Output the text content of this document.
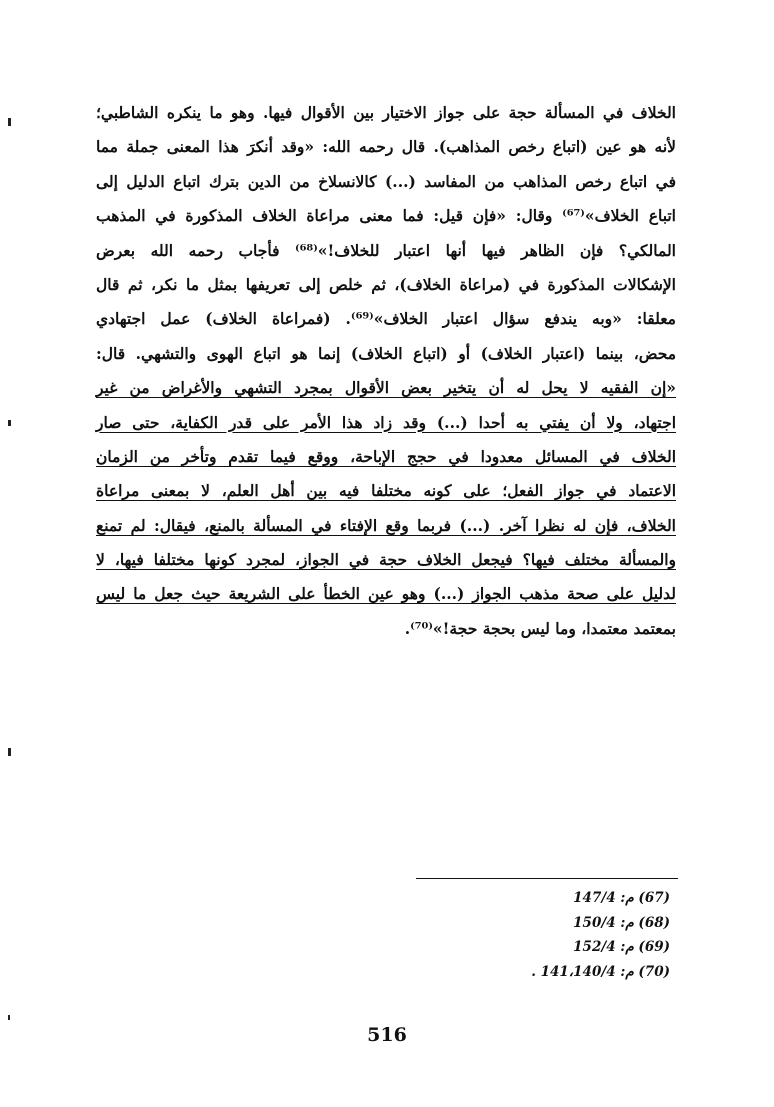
الخلاف في المسألة حجة على جواز الاختيار بين الأقوال فيها. وهو ما ينكره الشاطبي؛
لأنه هو عين (اتباع رخص المذاهب). قال رحمه الله: «وقد أنكرَ هذا المعنى جملة مما
في اتباع رخص المذاهب من المفاسد (...) كالانسلاخ من الدين بترك اتباع الدليل إلى
اتباع الخلاف»⁽⁶⁷⁾ وقال: «فإن قيل: فما معنى مراعاة الخلاف المذكورة في المذهب
المالكي؟ فإن الظاهر فيها أنها اعتبار للخلاف!»⁽⁶⁸⁾ فأجاب رحمه الله بعرض
الإشكالات المذكورة في (مراعاة الخلاف)، ثم خلص إلى تعريفها بمثل ما نكر، ثم قال
معلقا: «وبه يندفع سؤال اعتبار الخلاف»⁽⁶⁹⁾. (فمراعاة الخلاف) عمل اجتهادي
محض، بينما (اعتبار الخلاف) أو (اتباع الخلاف) إنما هو اتباع الهوى والتشهي. قال:
«إن الفقيه لا يحل له أن يتخير بعض الأقوال بمجرد التشهي والأغراض من غير
اجتهاد، ولا أن يفتي به أحدا (...) وقد زاد هذا الأمر على قدر الكفاية، حتى صار
الخلاف في المسائل معدودا في حجج الإباحة، ووقع فيما تقدم وتأخر من الزمان
الاعتماد في جواز الفعل؛ على كونه مختلفا فيه بين أهل العلم، لا بمعنى مراعاة
الخلاف، فإن له نظرا آخر. (...) فربما وقع الإفتاء في المسألة بالمنع، فيقال: لم تمنع
والمسألة مختلف فيها؟ فيجعل الخلاف حجة في الجواز، لمجرد كونها مختلفا فيها، لا
لدليل على صحة مذهب الجواز (...) وهو عين الخطأ على الشريعة حيث جعل ما ليس
بمعتمد معتمدا، وما ليس بحجة حجة!»⁽⁷⁰⁾.
(67) م: 147/4
(68) م: 150/4
(69) م: 152/4
(70) م: 141،140/4 .
516
